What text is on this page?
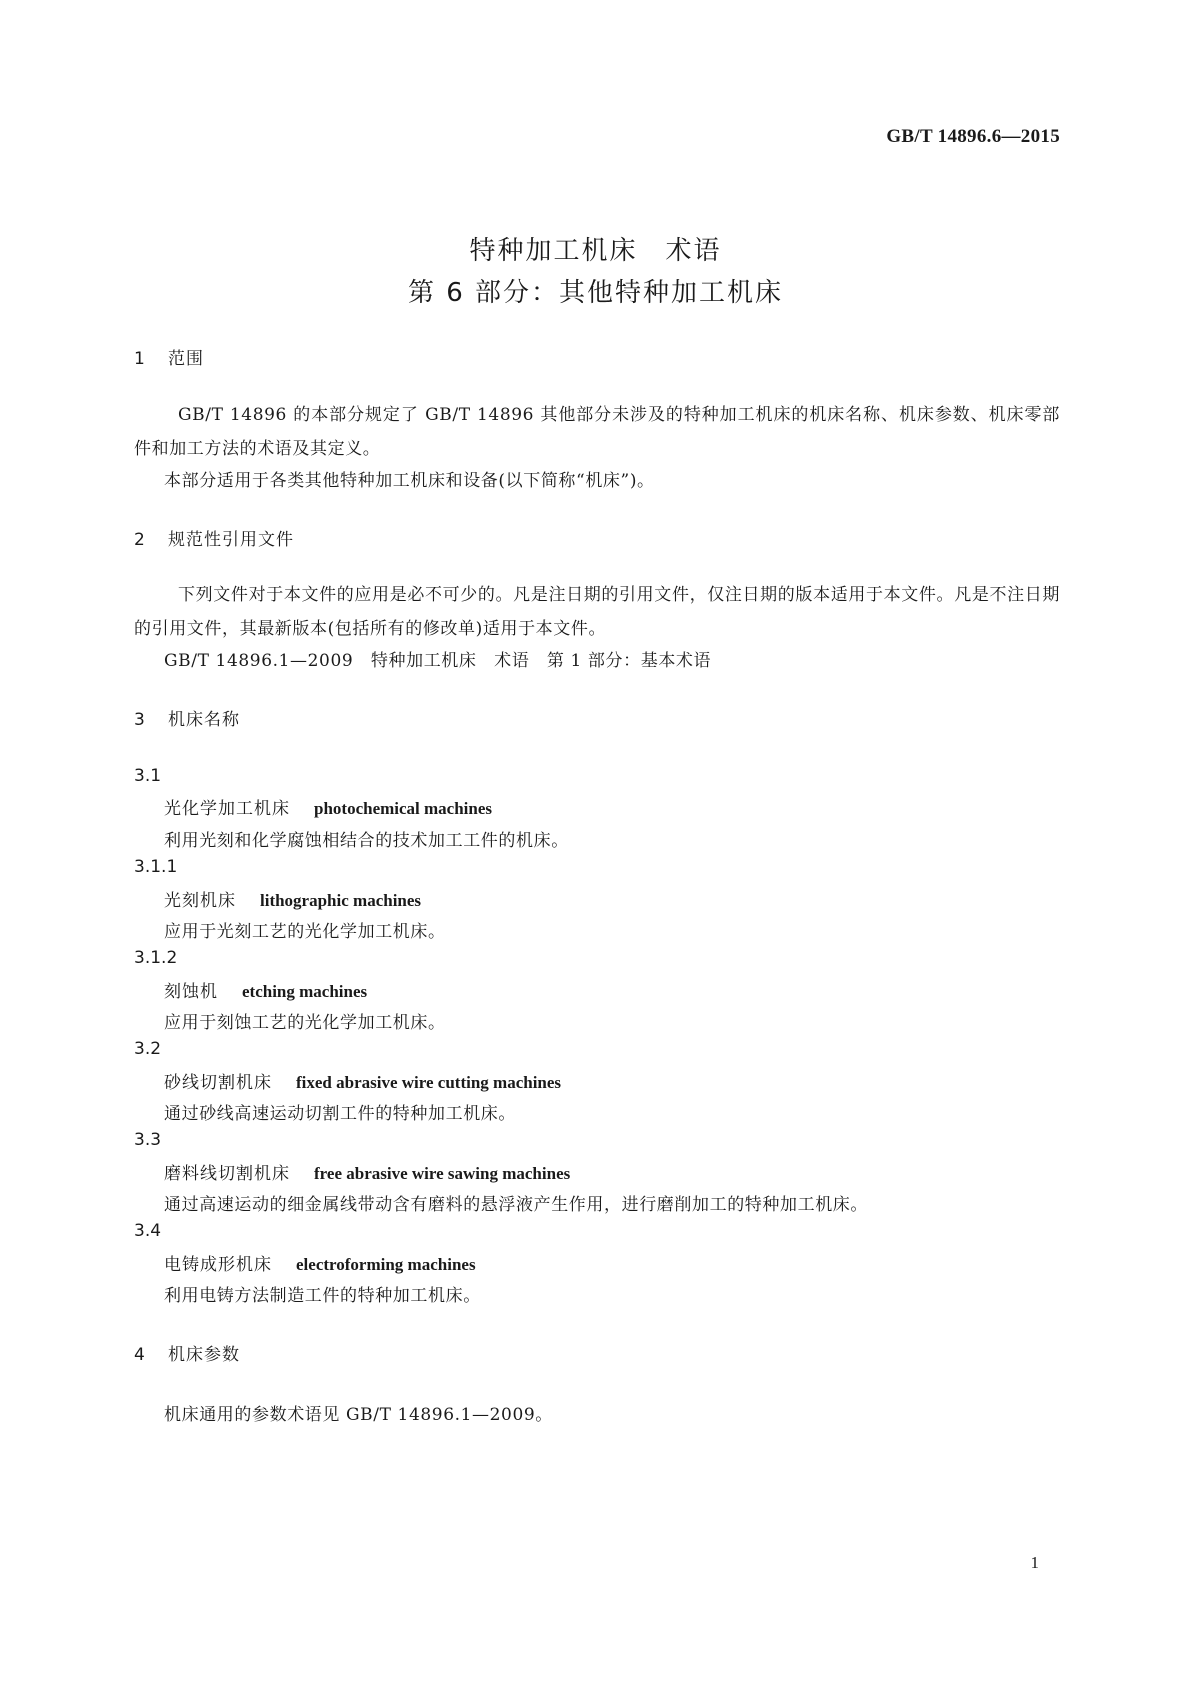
GB/T 14896.6—2015
特种加工机床　术语
第 6 部分：其他特种加工机床
1 范围
GB/T 14896 的本部分规定了 GB/T 14896 其他部分未涉及的特种加工机床的机床名称、机床参数、机床零部件和加工方法的术语及其定义。
本部分适用于各类其他特种加工机床和设备(以下简称“机床”)。
2 规范性引用文件
下列文件对于本文件的应用是必不可少的。凡是注日期的引用文件，仅注日期的版本适用于本文件。凡是不注日期的引用文件，其最新版本(包括所有的修改单)适用于本文件。
GB/T 14896.1—2009　特种加工机床　术语　第 1 部分：基本术语
3 机床名称
3.1
光化学加工机床 photochemical machines
利用光刻和化学腐蚀相结合的技术加工工件的机床。
3.1.1
光刻机床 lithographic machines
应用于光刻工艺的光化学加工机床。
3.1.2
刻蚀机 etching machines
应用于刻蚀工艺的光化学加工机床。
3.2
砂线切割机床 fixed abrasive wire cutting machines
通过砂线高速运动切割工件的特种加工机床。
3.3
磨料线切割机床 free abrasive wire sawing machines
通过高速运动的细金属线带动含有磨料的悬浮液产生作用，进行磨削加工的特种加工机床。
3.4
电铸成形机床 electroforming machines
利用电铸方法制造工件的特种加工机床。
4 机床参数
机床通用的参数术语见 GB/T 14896.1—2009。
1
